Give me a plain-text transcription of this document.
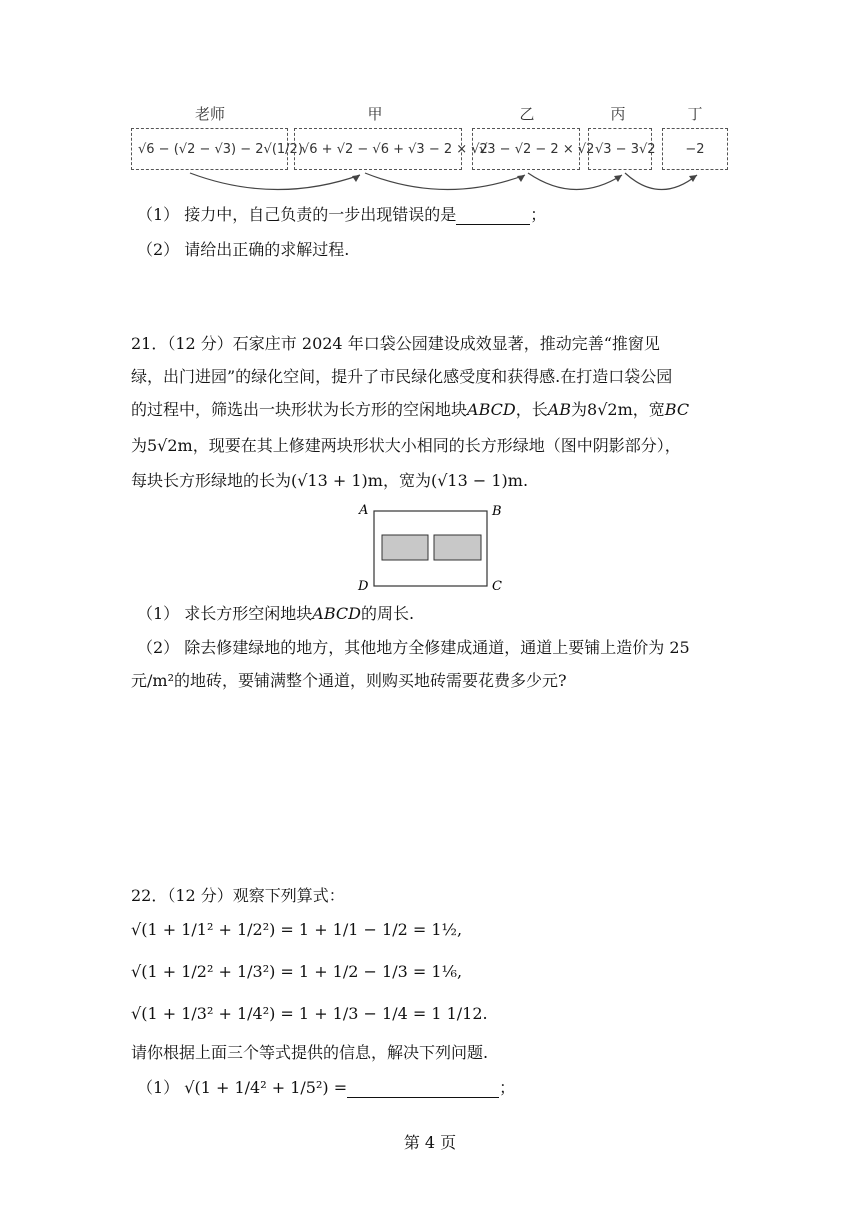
老师	甲	乙	丙	丁
√6 − (√2 − √3) − 2√(1/2)
√6 + √2 − √6 + √3 − 2 × √2
√3 − √2 − 2 × √2 √3 − 3√2 −2
（1） 接力中，自己负责的一步出现错误的是	；
（2） 请给出正确的求解过程.
21．（12 分）石家庄市 2024 年口袋公园建设成效显著，推动完善“推窗见
绿，出门进园”的绿化空间，提升了市民绿化感受度和获得感.在打造口袋公园
的过程中，筛选出一块形状为长方形的空闲地块ABCD，长AB为8√2m，宽BC
为5√2m，现要在其上修建两块形状大小相同的长方形绿地（图中阴影部分），
每块长方形绿地的长为(√13 + 1)m，宽为(√13 − 1)m.
A	B
D	C
（1） 求长方形空闲地块ABCD的周长.
（2） 除去修建绿地的地方，其他地方全修建成通道，通道上要铺上造价为 25
元/m²的地砖，要铺满整个通道，则购买地砖需要花费多少元?
22．（12 分）观察下列算式：
√(1 + 1/1² + 1/2²) = 1 + 1/1 − 1/2 = 1½,
√(1 + 1/2² + 1/3²) = 1 + 1/2 − 1/3 = 1⅙,
√(1 + 1/3² + 1/4²) = 1 + 1/3 − 1/4 = 1 1/12.
请你根据上面三个等式提供的信息，解决下列问题.
（1） √(1 + 1/4² + 1/5²) =	；
第 4 页
